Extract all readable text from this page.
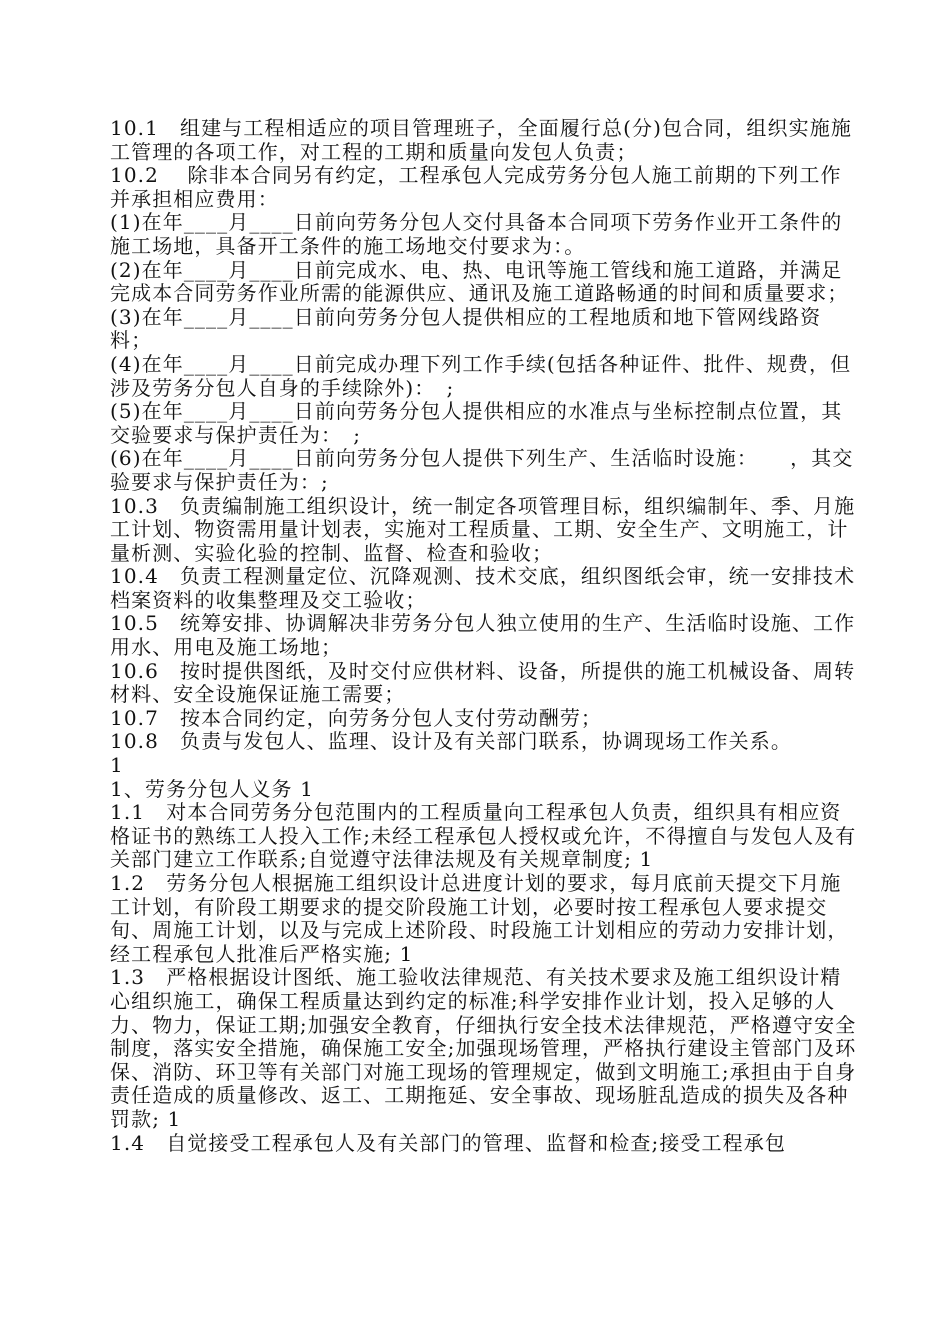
10.1　组建与工程相适应的项目管理班子，全面履行总(分)包合同，组织实施施工管理的各项工作，对工程的工期和质量向发包人负责；

10.2　 除非本合同另有约定，工程承包人完成劳务分包人施工前期的下列工作并承担相应费用：

(1)在年____月____日前向劳务分包人交付具备本合同项下劳务作业开工条件的施工场地，具备开工条件的施工场地交付要求为：。

(2)在年____月____日前完成水、电、热、电讯等施工管线和施工道路，并满足完成本合同劳务作业所需的能源供应、通讯及施工道路畅通的时间和质量要求；

(3)在年____月____日前向劳务分包人提供相应的工程地质和地下管网线路资料；

(4)在年____月____日前完成办理下列工作手续(包括各种证件、批件、规费，但涉及劳务分包人自身的手续除外)：　;

(5)在年____月____日前向劳务分包人提供相应的水准点与坐标控制点位置，其交验要求与保护责任为：　;

(6)在年____月____日前向劳务分包人提供下列生产、生活临时设施：　　，其交验要求与保护责任为：;

10.3　负责编制施工组织设计，统一制定各项管理目标，组织编制年、季、月施工计划、物资需用量计划表，实施对工程质量、工期、安全生产、文明施工，计量析测、实验化验的控制、监督、检查和验收；

10.4　负责工程测量定位、沉降观测、技术交底，组织图纸会审，统一安排技术档案资料的收集整理及交工验收；

10.5　统筹安排、协调解决非劳务分包人独立使用的生产、生活临时设施、工作用水、用电及施工场地；

10.6　按时提供图纸，及时交付应供材料、设备，所提供的施工机械设备、周转材料、安全设施保证施工需要；

10.7　按本合同约定，向劳务分包人支付劳动酬劳；

10.8　负责与发包人、监理、设计及有关部门联系，协调现场工作关系。

1

1、劳务分包人义务 1

1.1　对本合同劳务分包范围内的工程质量向工程承包人负责，组织具有相应资格证书的熟练工人投入工作;未经工程承包人授权或允许，不得擅自与发包人及有关部门建立工作联系;自觉遵守法律法规及有关规章制度; 1

1.2　劳务分包人根据施工组织设计总进度计划的要求，每月底前天提交下月施工计划，有阶段工期要求的提交阶段施工计划，必要时按工程承包人要求提交旬、周施工计划，以及与完成上述阶段、时段施工计划相应的劳动力安排计划，经工程承包人批准后严格实施; 1

1.3　严格根据设计图纸、施工验收法律规范、有关技术要求及施工组织设计精心组织施工，确保工程质量达到约定的标准;科学安排作业计划，投入足够的人力、物力，保证工期;加强安全教育，仔细执行安全技术法律规范，严格遵守安全制度，落实安全措施，确保施工安全;加强现场管理，严格执行建设主管部门及环保、消防、环卫等有关部门对施工现场的管理规定，做到文明施工;承担由于自身责任造成的质量修改、返工、工期拖延、安全事故、现场脏乱造成的损失及各种罚款; 1

1.4　自觉接受工程承包人及有关部门的管理、监督和检查;接受工程承包
